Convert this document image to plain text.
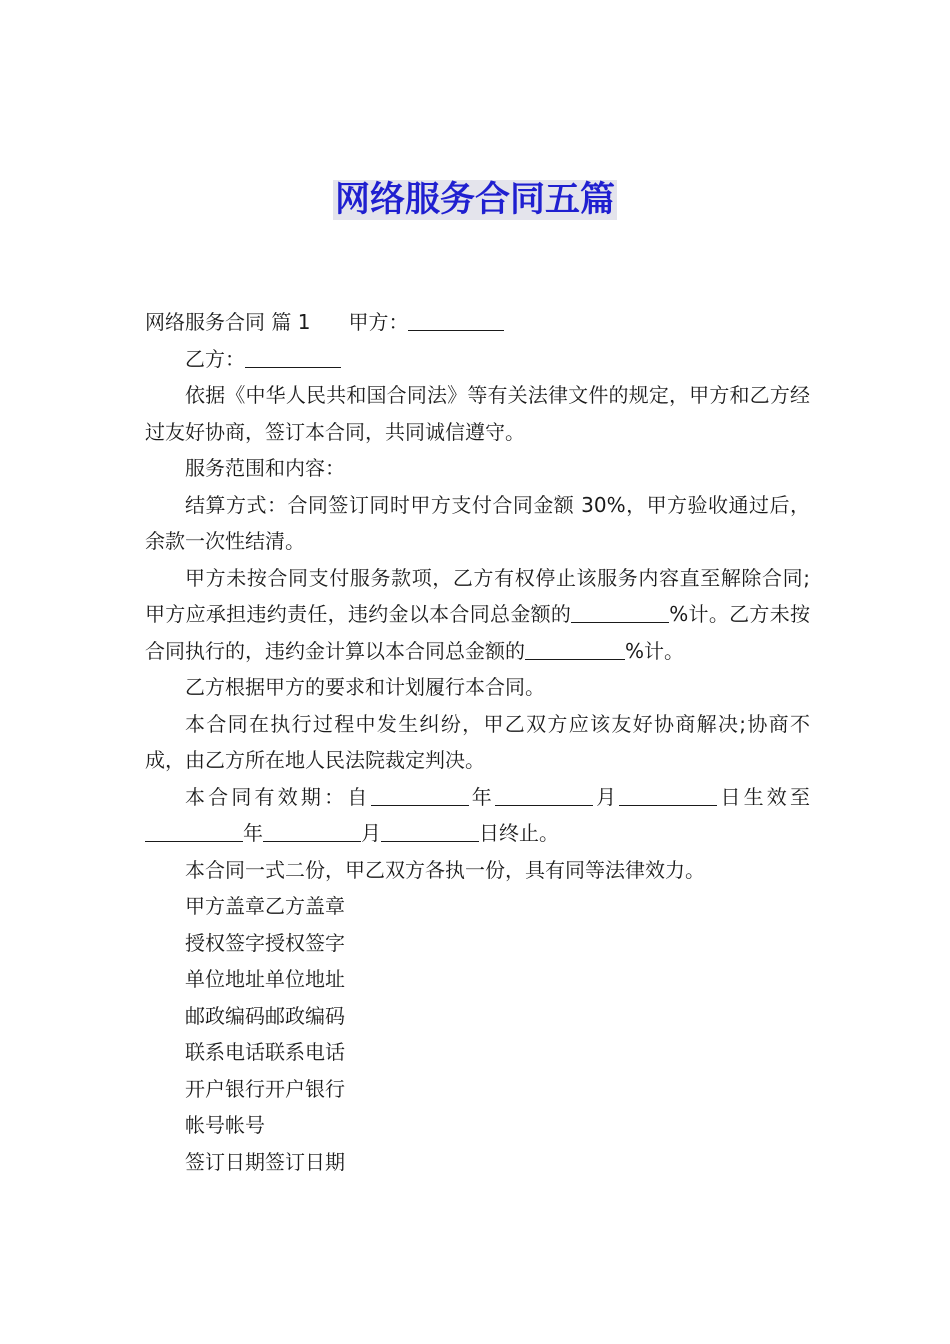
网络服务合同五篇

网络服务合同 篇 1 甲方：

乙方：

依据《中华人民共和国合同法》等有关法律文件的规定，甲方和乙方经过友好协商，签订本合同，共同诚信遵守。

服务范围和内容：

结算方式：合同签订同时甲方支付合同金额 30%，甲方验收通过后，余款一次性结清。

甲方未按合同支付服务款项，乙方有权停止该服务内容直至解除合同;甲方应承担违约责任，违约金以本合同总金额的	%计。乙方未按合同执行的，违约金计算以本合同总金额的	%计。

乙方根据甲方的要求和计划履行本合同。

本合同在执行过程中发生纠纷，甲乙双方应该友好协商解决;协商不成，由乙方所在地人民法院裁定判决。

本合同有效期：自	年	月	日生效至年	月	日终止。

本合同一式二份，甲乙双方各执一份，具有同等法律效力。

甲方盖章乙方盖章

授权签字授权签字

单位地址单位地址

邮政编码邮政编码

联系电话联系电话

开户银行开户银行

帐号帐号

签订日期签订日期
